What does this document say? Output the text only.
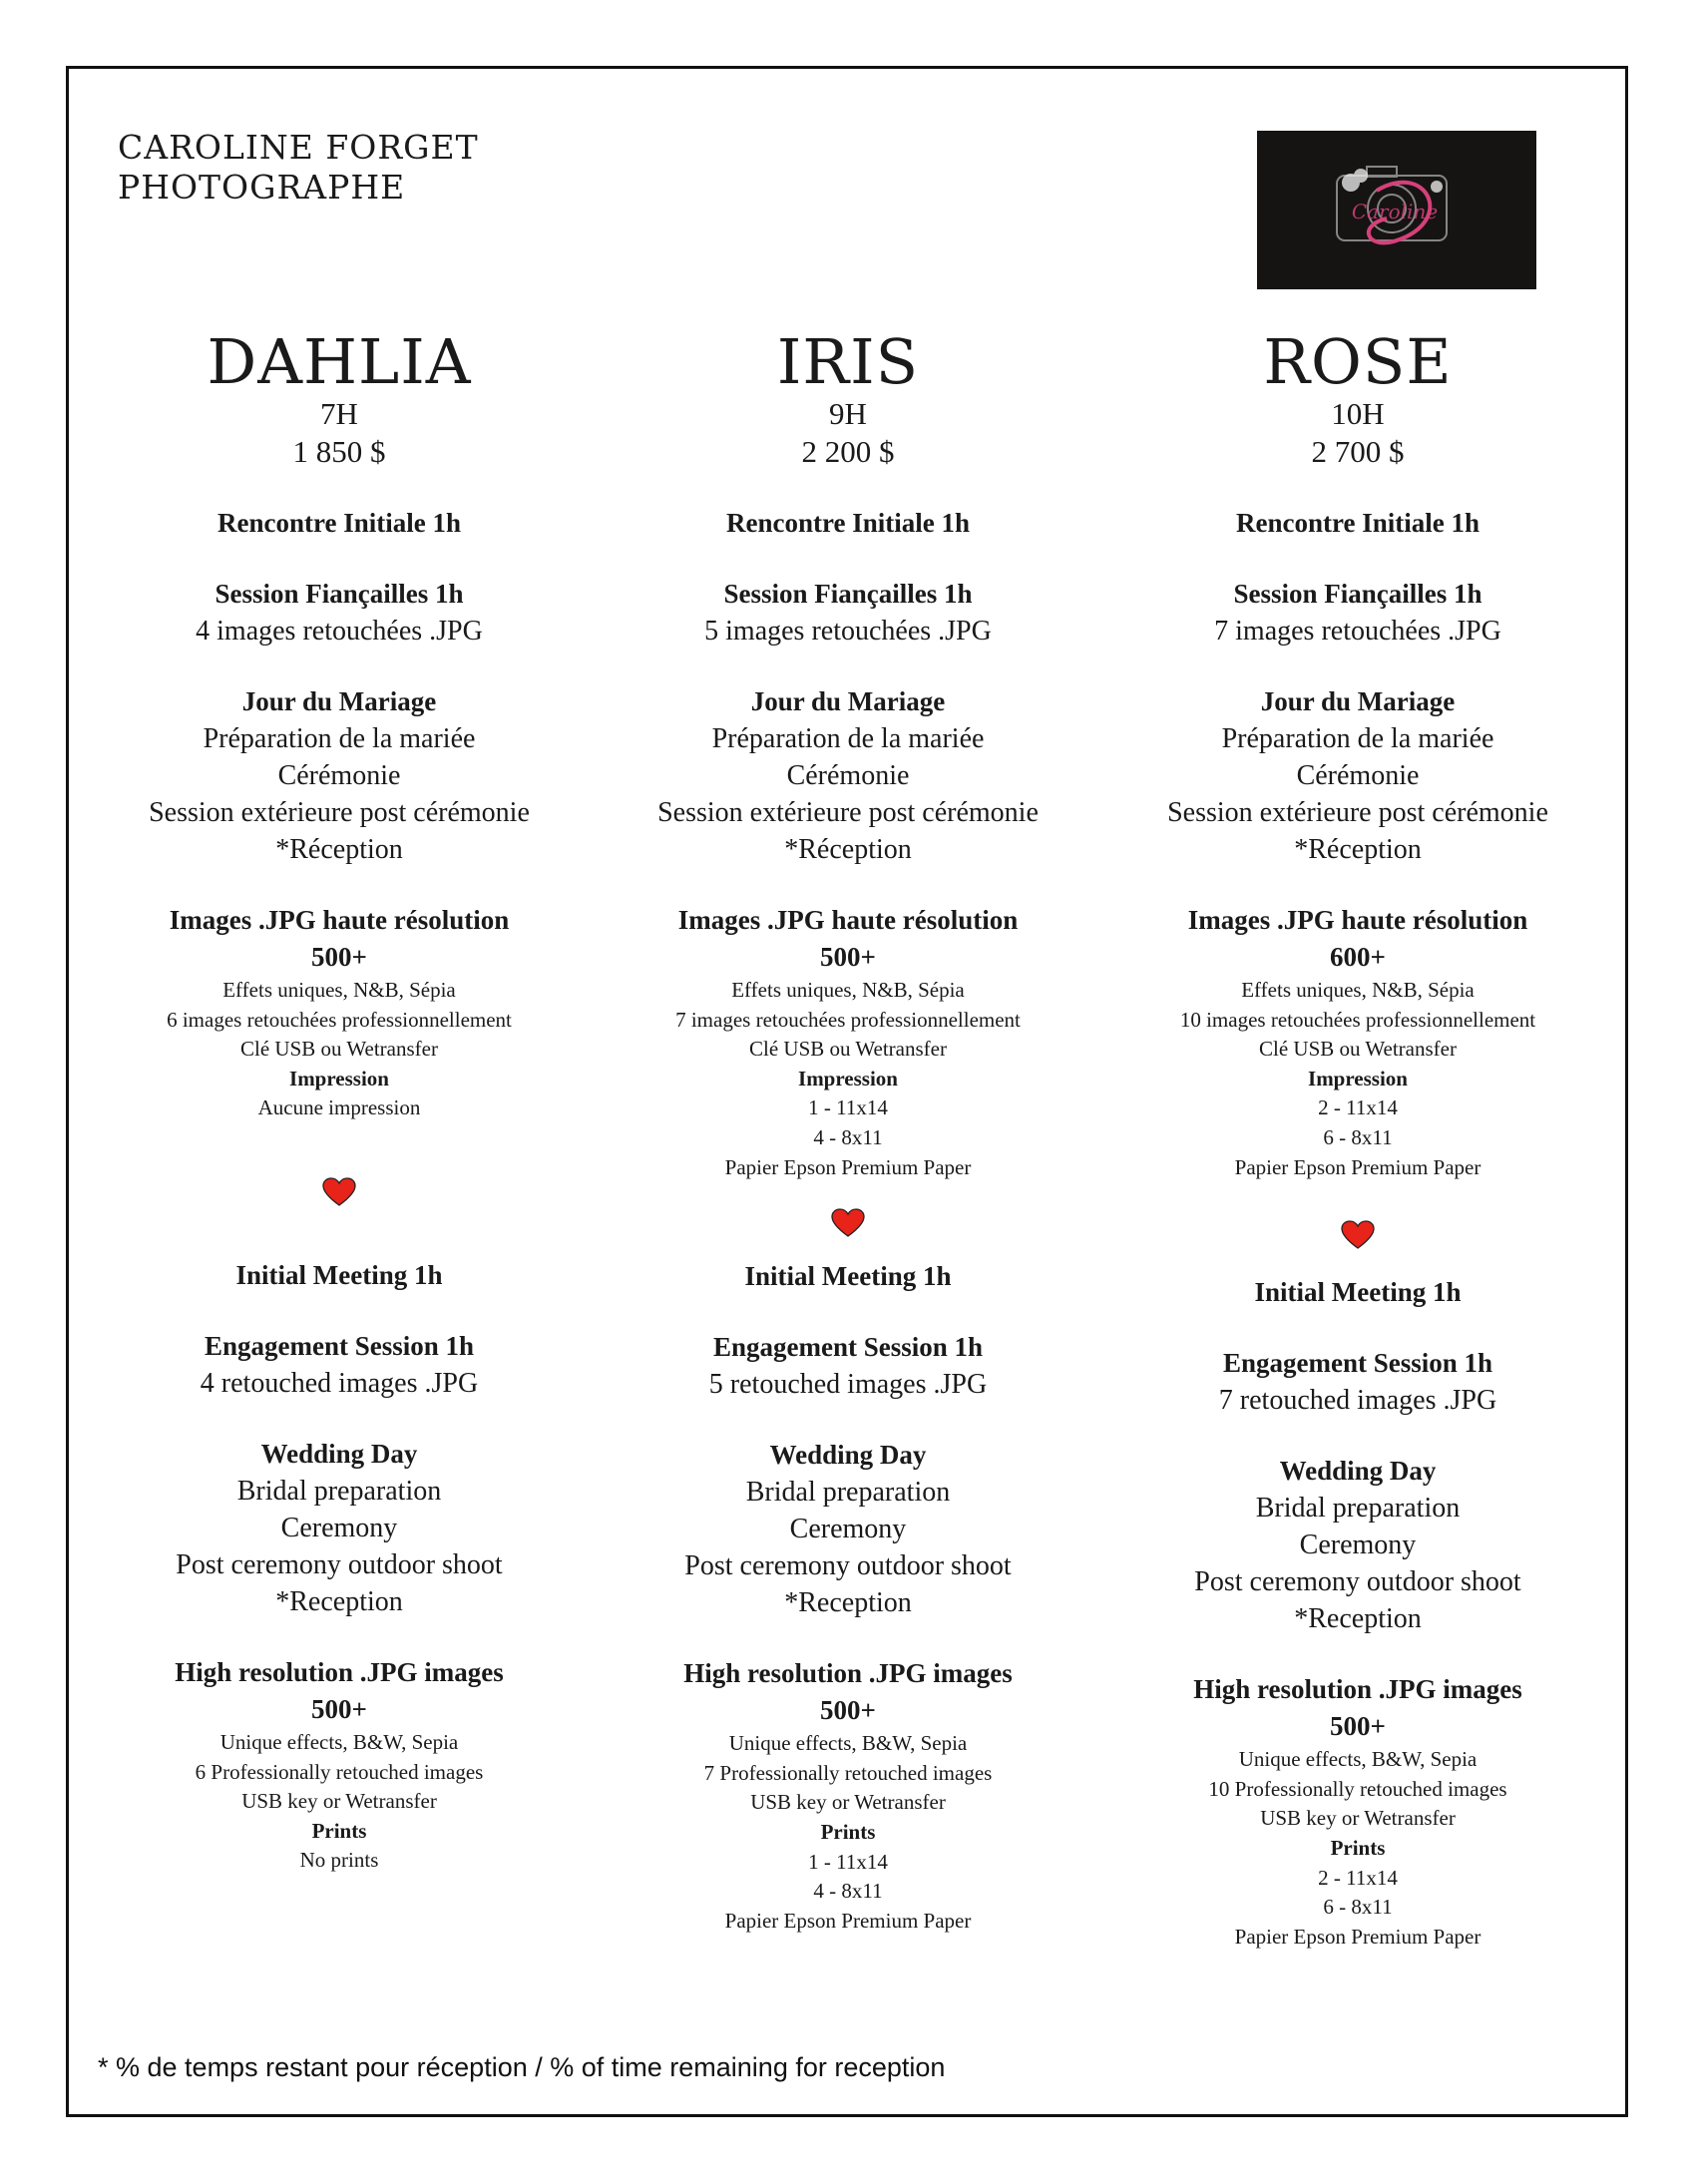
CAROLINE FORGET
PHOTOGRAPHE
Caroline
DAHLIA
7H
1 850 $
Rencontre Initiale 1h
Session Fiançailles 1h
4 images retouchées .JPG
Jour du Mariage
Préparation de la mariée
Cérémonie
Session extérieure post cérémonie
*Réception
Images .JPG haute résolution
500+
Effets uniques, N&B, Sépia
6 images retouchées professionnellement
Clé USB ou Wetransfer
Impression
Aucune impression
Initial Meeting 1h
Engagement Session 1h
4 retouched images .JPG
Wedding Day
Bridal preparation
Ceremony
Post ceremony outdoor shoot
*Reception
High resolution .JPG images
500+
Unique effects, B&W, Sepia
6 Professionally retouched images
USB key or Wetransfer
Prints
No prints
IRIS
9H
2 200 $
Rencontre Initiale 1h
Session Fiançailles 1h
5 images retouchées .JPG
Jour du Mariage
Préparation de la mariée
Cérémonie
Session extérieure post cérémonie
*Réception
Images .JPG haute résolution
500+
Effets uniques, N&B, Sépia
7 images retouchées professionnellement
Clé USB ou Wetransfer
Impression
1 - 11x14
4 - 8x11
Papier Epson Premium Paper
Initial Meeting 1h
Engagement Session 1h
5 retouched images .JPG
Wedding Day
Bridal preparation
Ceremony
Post ceremony outdoor shoot
*Reception
High resolution .JPG images
500+
Unique effects, B&W, Sepia
7 Professionally retouched images
USB key or Wetransfer
Prints
1 - 11x14
4 - 8x11
Papier Epson Premium Paper
ROSE
10H
2 700 $
Rencontre Initiale 1h
Session Fiançailles 1h
7 images retouchées .JPG
Jour du Mariage
Préparation de la mariée
Cérémonie
Session extérieure post cérémonie
*Réception
Images .JPG haute résolution
600+
Effets uniques, N&B, Sépia
10 images retouchées professionnellement
Clé USB ou Wetransfer
Impression
2 - 11x14
6 - 8x11
Papier Epson Premium Paper
Initial Meeting 1h
Engagement Session 1h
7 retouched images .JPG
Wedding Day
Bridal preparation
Ceremony
Post ceremony outdoor shoot
*Reception
High resolution .JPG images
500+
Unique effects, B&W, Sepia
10 Professionally retouched images
USB key or Wetransfer
Prints
2 - 11x14
6 - 8x11
Papier Epson Premium Paper
* % de temps restant pour réception / % of time remaining for reception
